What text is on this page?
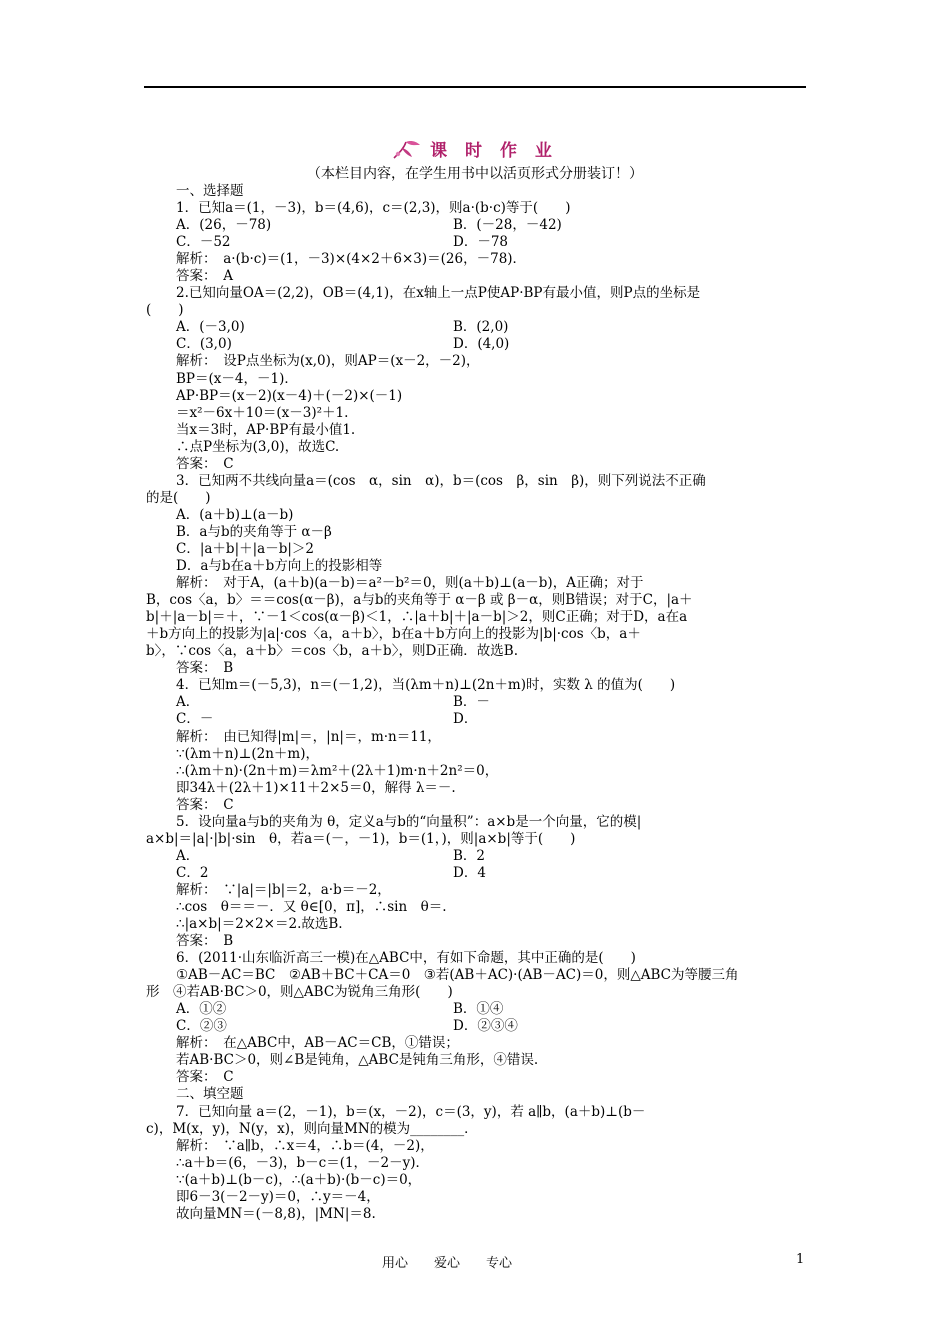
课 时 作 业
（本栏目内容，在学生用书中以活页形式分册装订！）
一、选择题
1．已知a＝(1，－3)，b＝(4,6)，c＝(2,3)，则a·(b·c)等于(　　)
A．(26，－78)	B．(－28，－42)
C．－52	D．－78
解析：　a·(b·c)＝(1，－3)×(4×2＋6×3)＝(26，－78)．
答案：　A
2.已知向量OA＝(2,2)，OB＝(4,1)，在x轴上一点P使AP·BP有最小值，则P点的坐标是
(　　)
A．(－3,0)	B．(2,0)
C．(3,0)	D．(4,0)
解析：　设P点坐标为(x,0)，则AP＝(x－2，－2)，
BP＝(x－4，－1)．
AP·BP＝(x－2)(x－4)＋(－2)×(－1)
＝x²－6x＋10＝(x－3)²＋1.
当x＝3时，AP·BP有最小值1.
∴点P坐标为(3,0)，故选C.
答案：　C
3．已知两不共线向量a＝(cos　α，sin　α)，b＝(cos　β，sin　β)，则下列说法不正确
的是(　　)
A．(a＋b)⊥(a－b)
B．a与b的夹角等于 α－β
C．|a＋b|＋|a－b|＞2
D．a与b在a＋b方向上的投影相等
解析：　对于A，(a＋b)(a－b)＝a²－b²＝0，则(a＋b)⊥(a－b)，A正确；对于
B，cos〈a，b〉＝＝cos(α－β)，a与b的夹角等于 α－β 或 β－α，则B错误；对于C，|a＋
b|＋|a－b|＝＋，∵－1＜cos(α－β)＜1，∴|a＋b|＋|a－b|＞2，则C正确；对于D，a在a
＋b方向上的投影为|a|·cos〈a，a＋b〉，b在a＋b方向上的投影为|b|·cos〈b，a＋
b〉，∵cos〈a，a＋b〉＝cos〈b，a＋b〉，则D正确．故选B.
答案：　B
4．已知m＝(－5,3)，n＝(－1,2)，当(λm＋n)⊥(2n＋m)时，实数 λ 的值为(　　)
A．	B．－
C．－	D．
解析：　由已知得|m|＝，|n|＝，m·n＝11，
∵(λm＋n)⊥(2n＋m)，
∴(λm＋n)·(2n＋m)＝λm²＋(2λ＋1)m·n＋2n²＝0，
即34λ＋(2λ＋1)×11＋2×5＝0，解得 λ＝－.
答案：　C
5．设向量a与b的夹角为 θ，定义a与b的“向量积”：a×b是一个向量，它的模|
a×b|＝|a|·|b|·sin　θ，若a＝(－，－1)，b＝(1，)，则|a×b|等于(　　)
A．	B．2
C．2	D．4
解析：　∵|a|＝|b|＝2，a·b＝－2，
∴cos　θ＝＝－．又 θ∈[0，π]，∴sin　θ＝.
∴|a×b|＝2×2×＝2.故选B.
答案：　B
6．(2011·山东临沂高三一模)在△ABC中，有如下命题，其中正确的是(　　)
①AB－AC＝BC　②AB＋BC＋CA＝0　③若(AB＋AC)·(AB－AC)＝0，则△ABC为等腰三角
形　④若AB·BC＞0，则△ABC为锐角三角形(　　)
A．①②	B．①④
C．②③	D．②③④
解析：　在△ABC中，AB－AC＝CB，①错误；
若AB·BC＞0，则∠B是钝角，△ABC是钝角三角形，④错误.
答案：　C
二、填空题
7．已知向量 a＝(2，－1)，b＝(x，－2)，c＝(3，y)，若 a∥b，(a＋b)⊥(b－
c)，M(x，y)，N(y，x)，则向量MN的模为________．
解析：　∵a∥b，∴x＝4，∴b＝(4，－2)，
∴a＋b＝(6，－3)，b－c＝(1，－2－y)．
∵(a＋b)⊥(b－c)，∴(a＋b)·(b－c)＝0，
即6－3(－2－y)＝0，∴y＝－4，
故向量MN＝(－8,8)，|MN|＝8.
用心　　爱心　　专心	1
